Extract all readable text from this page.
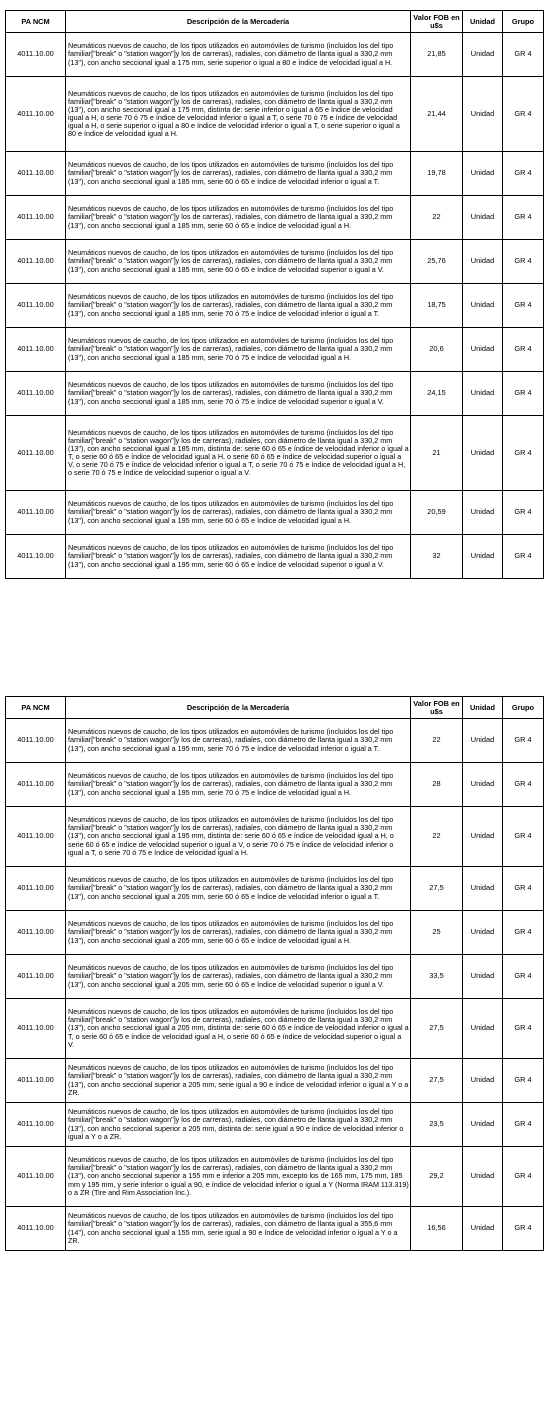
PA NCM	Descripción de la Mercadería	Valor FOB en u$s	Unidad	Grupo
4011.10.00	Neumáticos nuevos de caucho, de los tipos utilizados en automóviles de turismo (incluidos los del tipo familiar["break" o "station wagon"]y los de carreras), radiales, con diámetro de llanta igual a 330,2 mm (13"), con ancho seccional igual a 175 mm, serie superior o igual a 80 e índice de velocidad igual a H.	21,85	Unidad	GR 4
4011.10.00	Neumáticos nuevos de caucho, de los tipos utilizados en automóviles de turismo (incluidos los del tipo familiar["break" o "station wagon"]y los de carreras), radiales, con diámetro de llanta igual a 330,2 mm (13"), con ancho seccional igual a 175 mm, distinta de: serie inferior o igual a 65 e índice de velocidad igual a H, o serie 70 ó 75 e índice de velocidad inferior o igual a T, o serie 70 ó 75 e índice de velocidad igual a H, o serie superior o igual a 80 e índice de velocidad inferior o igual a T, o serie superior o igual a 80 e índice de velocidad igual a H.	21,44	Unidad	GR 4
4011.10.00	Neumáticos nuevos de caucho, de los tipos utilizados en automóviles de turismo (incluidos los del tipo familiar["break" o "station wagon"]y los de carreras), radiales, con diámetro de llanta igual a 330,2 mm (13"), con ancho seccional igual a 185 mm, serie 60 ó 65 e índice de velocidad inferior o igual a T.	19,78	Unidad	GR 4
4011.10.00	Neumáticos nuevos de caucho, de los tipos utilizados en automóviles de turismo (incluidos los del tipo familiar["break" o "station wagon"]y los de carreras), radiales, con diámetro de llanta igual a 330,2 mm (13"), con ancho seccional igual a 185 mm, serie 60 ó 65 e índice de velocidad igual a H.	22	Unidad	GR 4
4011.10.00	Neumáticos nuevos de caucho, de los tipos utilizados en automóviles de turismo (incluidos los del tipo familiar["break" o "station wagon"]y los de carreras), radiales, con diámetro de llanta igual a 330,2 mm (13"), con ancho seccional igual a 185 mm, serie 60 ó 65 e índice de velocidad superior o igual a V.	25,76	Unidad	GR 4
4011.10.00	Neumáticos nuevos de caucho, de los tipos utilizados en automóviles de turismo (incluidos los del tipo familiar["break" o "station wagon"]y los de carreras), radiales, con diámetro de llanta igual a 330,2 mm (13"), con ancho seccional igual a 185 mm, serie 70 ó 75 e índice de velocidad inferior o igual a T.	18,75	Unidad	GR 4
4011.10.00	Neumáticos nuevos de caucho, de los tipos utilizados en automóviles de turismo (incluidos los del tipo familiar["break" o "station wagon"]y los de carreras), radiales, con diámetro de llanta igual a 330,2 mm (13"), con ancho seccional igual a 185 mm, serie 70 ó 75 e índice de velocidad igual a H.	20,6	Unidad	GR 4
4011.10.00	Neumáticos nuevos de caucho, de los tipos utilizados en automóviles de turismo (incluidos los del tipo familiar["break" o "station wagon"]y los de carreras), radiales, con diámetro de llanta igual a 330,2 mm (13"), con ancho seccional igual a 185 mm, serie 70 ó 75 e índice de velocidad superior o igual a V.	24,15	Unidad	GR 4
4011.10.00	Neumáticos nuevos de caucho, de los tipos utilizados en automóviles de turismo (incluidos los del tipo familiar["break" o "station wagon"]y los de carreras), radiales, con diámetro de llanta igual a 330,2 mm (13"), con ancho seccional igual a 185 mm, distinta de: serie 60 ó 65 e índice de velocidad inferior o igual a T, o serie 60 ó 65 e índice de velocidad igual a H, o serie 60 ó 65 e índice de velocidad superior o igual a V, o serie 70 ó 75 e índice de velocidad inferior o igual a T, o serie 70 ó 75 e índice de velocidad igual a H, o serie 70 ó 75 e índice de velocidad superior o igual a V.	21	Unidad	GR 4
4011.10.00	Neumáticos nuevos de caucho, de los tipos utilizados en automóviles de turismo (incluidos los del tipo familiar["break" o "station wagon"]y los de carreras), radiales, con diámetro de llanta igual a 330,2 mm (13"), con ancho seccional igual a 195 mm, serie 60 ó 65 e índice de velocidad igual a H.	20,59	Unidad	GR 4
4011.10.00	Neumáticos nuevos de caucho, de los tipos utilizados en automóviles de turismo (incluidos los del tipo familiar["break" o "station wagon"]y los de carreras), radiales, con diámetro de llanta igual a 330,2 mm (13"), con ancho seccional igual a 195 mm, serie 60 ó 65 e índice de velocidad superior o igual a V.	32	Unidad	GR 4
PA NCM	Descripción de la Mercadería	Valor FOB en u$s	Unidad	Grupo
4011.10.00	Neumáticos nuevos de caucho, de los tipos utilizados en automóviles de turismo (incluidos los del tipo familiar["break" o "station wagon"]y los de carreras), radiales, con diámetro de llanta igual a 330,2 mm (13"), con ancho seccional igual a 195 mm, serie 70 ó 75 e índice de velocidad inferior o igual a T.	22	Unidad	GR 4
4011.10.00	Neumáticos nuevos de caucho, de los tipos utilizados en automóviles de turismo (incluidos los del tipo familiar["break" o "station wagon"]y los de carreras), radiales, con diámetro de llanta igual a 330,2 mm (13"), con ancho seccional igual a 195 mm, serie 70 ó 75 e índice de velocidad igual a H.	28	Unidad	GR 4
4011.10.00	Neumáticos nuevos de caucho, de los tipos utilizados en automóviles de turismo (incluidos los del tipo familiar["break" o "station wagon"]y los de carreras), radiales, con diámetro de llanta igual a 330,2 mm (13"), con ancho seccional igual a 195 mm, distinta de: serie 60 ó 65 e índice de velocidad igual a H, o serie 60 ó 65 e índice de velocidad superior o igual a V, o serie 70 ó 75 e índice de velocidad inferior o igual a T, o serie 70 ó 75 e índice de velocidad igual a H.	22	Unidad	GR 4
4011.10.00	Neumáticos nuevos de caucho, de los tipos utilizados en automóviles de turismo (incluidos los del tipo familiar["break" o "station wagon"]y los de carreras), radiales, con diámetro de llanta igual a 330,2 mm (13"), con ancho seccional igual a 205 mm, serie 60 ó 65 e índice de velocidad inferior o igual a T.	27,5	Unidad	GR 4
4011.10.00	Neumáticos nuevos de caucho, de los tipos utilizados en automóviles de turismo (incluidos los del tipo familiar["break" o "station wagon"]y los de carreras), radiales, con diámetro de llanta igual a 330,2 mm (13"), con ancho seccional igual a 205 mm, serie 60 ó 65 e índice de velocidad igual a H.	25	Unidad	GR 4
4011.10.00	Neumáticos nuevos de caucho, de los tipos utilizados en automóviles de turismo (incluidos los del tipo familiar["break" o "station wagon"]y los de carreras), radiales, con diámetro de llanta igual a 330,2 mm (13"), con ancho seccional igual a 205 mm, serie 60 ó 65 e índice de velocidad superior o igual a V.	33,5	Unidad	GR 4
4011.10.00	Neumáticos nuevos de caucho, de los tipos utilizados en automóviles de turismo (incluidos los del tipo familiar["break" o "station wagon"]y los de carreras), radiales, con diámetro de llanta igual a 330,2 mm (13"), con ancho seccional igual a 205 mm, distinta de: serie 60 ó 65 e índice de velocidad inferior o igual a T, o serie 60 ó 65 e índice de velocidad igual a H, o serie 60 ó 65 e índice de velocidad superior o igual a V.	27,5	Unidad	GR 4
4011.10.00	Neumáticos nuevos de caucho, de los tipos utilizados en automóviles de turismo (incluidos los del tipo familiar["break" o "station wagon"]y los de carreras), radiales, con diámetro de llanta igual a 330,2 mm (13"), con ancho seccional superior a 205 mm, serie igual a 90 e índice de velocidad inferior o igual a Y o a ZR.	27,5	Unidad	GR 4
4011.10.00	Neumáticos nuevos de caucho, de los tipos utilizados en automóviles de turismo (incluidos los del tipo familiar["break" o "station wagon"]y los de carreras), radiales, con diámetro de llanta igual a 330,2 mm (13"), con ancho seccional superior a 205 mm, distinta de: serie igual a 90 e índice de velocidad inferior o igual a Y o a ZR.	23,5	Unidad	GR 4
4011.10.00	Neumáticos nuevos de caucho, de los tipos utilizados en automóviles de turismo (incluidos los del tipo familiar["break" o "station wagon"]y los de carreras), radiales, con diámetro de llanta igual a 330,2 mm (13"), con ancho seccional superior a 155 mm e inferior a 205 mm, excepto los de 165 mm, 175 mm, 185 mm y 195 mm, y serie inferior o igual a 90, e índice de velocidad inferior o igual a Y (Norma IRAM 113.319) o a ZR (Tire and Rim Association Inc.).	29,2	Unidad	GR 4
4011.10.00	Neumáticos nuevos de caucho, de los tipos utilizados en automóviles de turismo (incluidos los del tipo familiar["break" o "station wagon"]y los de carreras), radiales, con diámetro de llanta igual a 355,6 mm (14"), con ancho seccional igual a 155 mm, serie igual a 90 e índice de velocidad inferior o igual a Y o a ZR.	16,56	Unidad	GR 4
